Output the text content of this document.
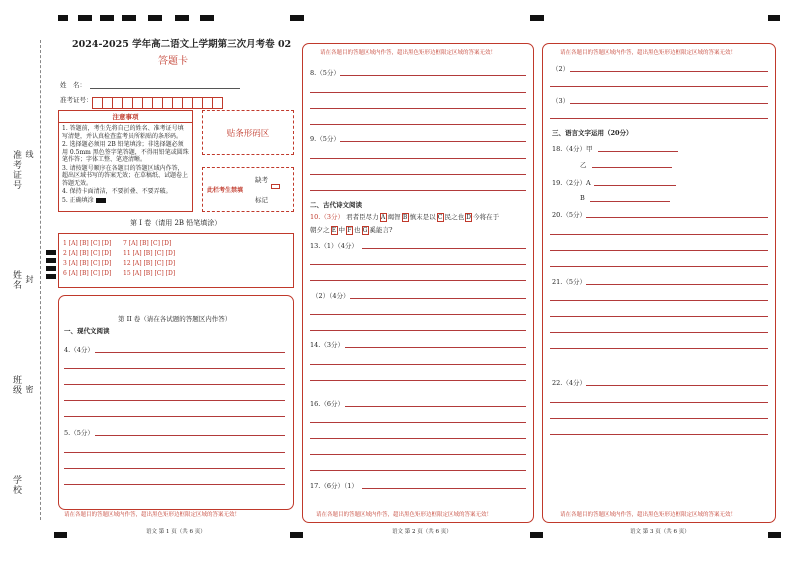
准考证号 线
姓名 封
班级 密
学校
2024-2025 学年高二语文上学期第三次月考卷 02
答题卡
姓　名：
准考证号：
注意事项
1. 答题前，考生先将自己的姓名、准考证号填写清楚，并认真检查监考员所粘贴的条形码。
2. 选择题必须用 2B 铅笔填涂；非选择题必须用 0.5mm 黑色签字笔答题，不得用铅笔或圆珠笔作答；字体工整、笔迹清晰。
3. 请按题号顺序在各题目的答题区域内作答，超出区域书写的答案无效；在草稿纸、试题卷上答题无效。
4. 保持卡面清洁，不要折叠、不要弄破。
5. 正确填涂
贴条形码区
此栏考生禁填
缺考
标记
第 I 卷（请用 2B 铅笔填涂）
1 [A] [B] [C] [D]
2 [A] [B] [C] [D]
3 [A] [B] [C] [D]
6 [A] [B] [C] [D]
7 [A] [B] [C] [D]
11 [A] [B] [C] [D]
12 [A] [B] [C] [D]
15 [A] [B] [C] [D]
第 II 卷（请在各试题的答题区内作答）
一、现代文阅读
4.（4分）
5.（5分）
请在各题目的答题区域内作答，超出黑色矩形边框限定区域的答案无效！
请在各题目的答题区域内作答，超出黑色矩形边框限定区域的答案无效！
8.（5分）
9.（5分）
二、古代诗文阅读
10.（3分） 君者臣尽力 A 竭智 B 慎末是以 C 民之也 D 今将在于
朝夕之 E 中 F 也 G 奚能言?
13.（1）（4分）
（2）（4分）
14.（3分）
16.（6分）
17.（6分）（1）
请在各题目的答题区域内作答，超出黑色矩形边框限定区域的答案无效！
请在各题目的答题区域内作答，超出黑色矩形边框限定区域的答案无效！
（2）
（3）
三、语言文字运用（20分）
18.（4分）甲
乙
19.（2分）A
B
20.（5分）
21.（5分）
22.（4分）
请在各题目的答题区域内作答，超出黑色矩形边框限定区域的答案无效！
语文 第 1 页（共 6 页）	语文 第 2 页（共 6 页）	语文 第 3 页（共 6 页）
